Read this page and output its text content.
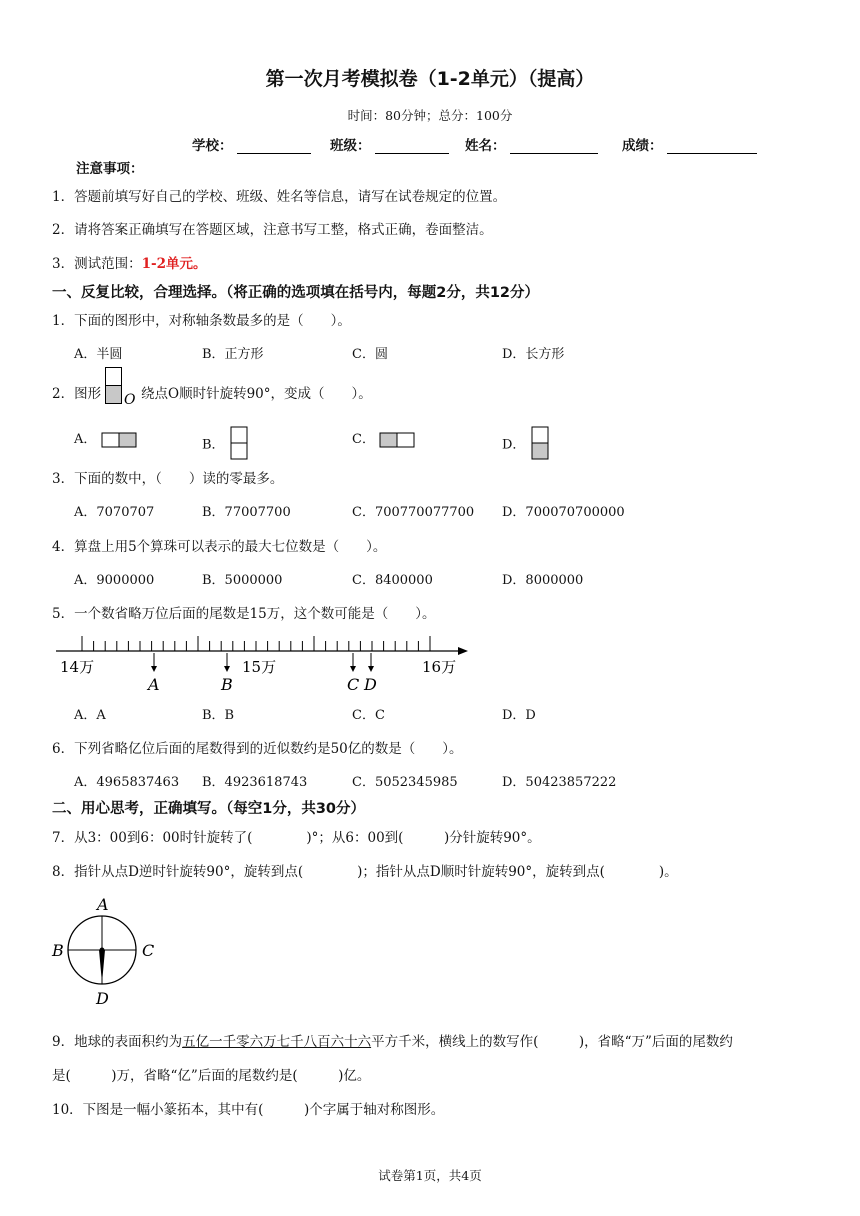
第一次月考模拟卷（1-2单元）（提高）
时间：80分钟；总分：100分
学校：	班级：	姓名：	成绩：
注意事项：
1．答题前填写好自己的学校、班级、姓名等信息，请写在试卷规定的位置。
2．请将答案正确填写在答题区域，注意书写工整，格式正确，卷面整洁。
3．测试范围：1-2单元。
一、反复比较，合理选择。（将正确的选项填在括号内，每题2分，共12分）
1．下面的图形中，对称轴条数最多的是（　　）。
A．半圆	B．正方形	C．圆	D．长方形
2．图形 O 绕点O顺时针旋转90°，变成（　　）。
A．	B．	C．	D．
3．下面的数中，（　　）读的零最多。
A．7070707	B．77007700	C．700770077700 D．700070700000
4．算盘上用5个算珠可以表示的最大七位数是（　　）。
A．9000000	B．5000000	C．8400000	D．8000000
5．一个数省略万位后面的尾数是15万，这个数可能是（　　）。
14万	15万	16万
A	B	C D
A．A	B．B	C．C	D．D
6．下列省略亿位后面的尾数得到的近似数约是50亿的数是（　　）。
A．4965837463 B．4923618743	C．5052345985	D．50423857222
二、用心思考，正确填写。（每空1分，共30分）
7．从3：00到6：00时针旋转了(　　　　)°；从6：00到(　　　)分针旋转90°。
8．指针从点D逆时针旋转90°，旋转到点(　　　　)；指针从点D顺时针旋转90°，旋转到点(　　　　)。
A
B	C
D
9．地球的表面积约为五亿一千零六万七千八百六十六平方千米，横线上的数写作(　　　)，省略“万”后面的尾数约
是(　　　)万，省略“亿”后面的尾数约是(　　　)亿。
10．下图是一幅小篆拓本，其中有(　　　)个字属于轴对称图形。
试卷第1页，共4页
